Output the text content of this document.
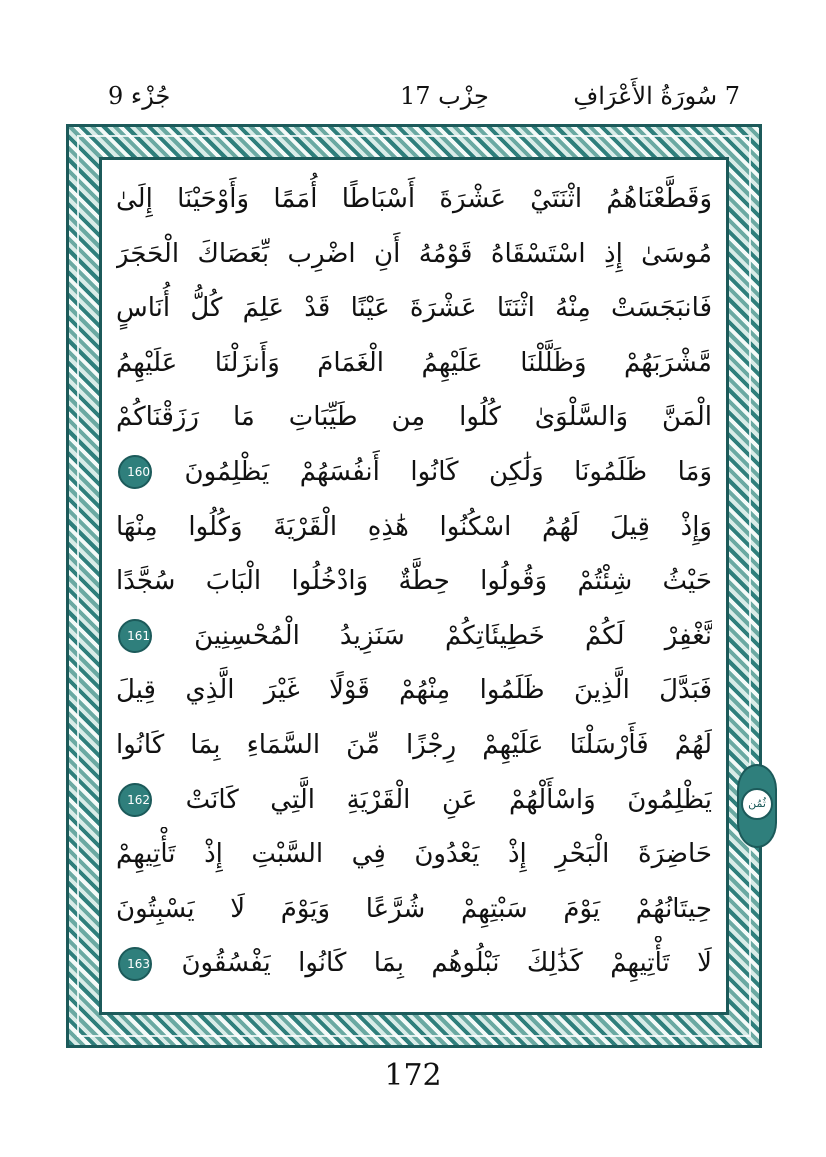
جُزْء 9	حِزْب 17	7 سُورَةُ الأَعْرَافِ
وَقَطَّعْنَاهُمُ اثْنَتَيْ عَشْرَةَ أَسْبَاطًا أُمَمًا وَأَوْحَيْنَا إِلَىٰ
مُوسَىٰ إِذِ اسْتَسْقَاهُ قَوْمُهُ أَنِ اضْرِب بِّعَصَاكَ الْحَجَرَ
فَانبَجَسَتْ مِنْهُ اثْنَتَا عَشْرَةَ عَيْنًا قَدْ عَلِمَ كُلُّ أُنَاسٍ
مَّشْرَبَهُمْ وَظَلَّلْنَا عَلَيْهِمُ الْغَمَامَ وَأَنزَلْنَا عَلَيْهِمُ
الْمَنَّ وَالسَّلْوَىٰ كُلُوا مِن طَيِّبَاتِ مَا رَزَقْنَاكُمْ
وَمَا ظَلَمُونَا وَلَٰكِن كَانُوا أَنفُسَهُمْ يَظْلِمُونَ 160
وَإِذْ قِيلَ لَهُمُ اسْكُنُوا هَٰذِهِ الْقَرْيَةَ وَكُلُوا مِنْهَا
حَيْثُ شِئْتُمْ وَقُولُوا حِطَّةٌ وَادْخُلُوا الْبَابَ سُجَّدًا
نَّغْفِرْ لَكُمْ خَطِيئَاتِكُمْ سَنَزِيدُ الْمُحْسِنِينَ 161
فَبَدَّلَ الَّذِينَ ظَلَمُوا مِنْهُمْ قَوْلًا غَيْرَ الَّذِي قِيلَ
لَهُمْ فَأَرْسَلْنَا عَلَيْهِمْ رِجْزًا مِّنَ السَّمَاءِ بِمَا كَانُوا
يَظْلِمُونَ وَاسْأَلْهُمْ عَنِ الْقَرْيَةِ الَّتِي كَانَتْ 162
حَاضِرَةَ الْبَحْرِ إِذْ يَعْدُونَ فِي السَّبْتِ إِذْ تَأْتِيهِمْ
حِيتَانُهُمْ يَوْمَ سَبْتِهِمْ شُرَّعًا وَيَوْمَ لَا يَسْبِتُونَ
لَا تَأْتِيهِمْ كَذَٰلِكَ نَبْلُوهُم بِمَا كَانُوا يَفْسُقُونَ 163
ثُمُن
172
